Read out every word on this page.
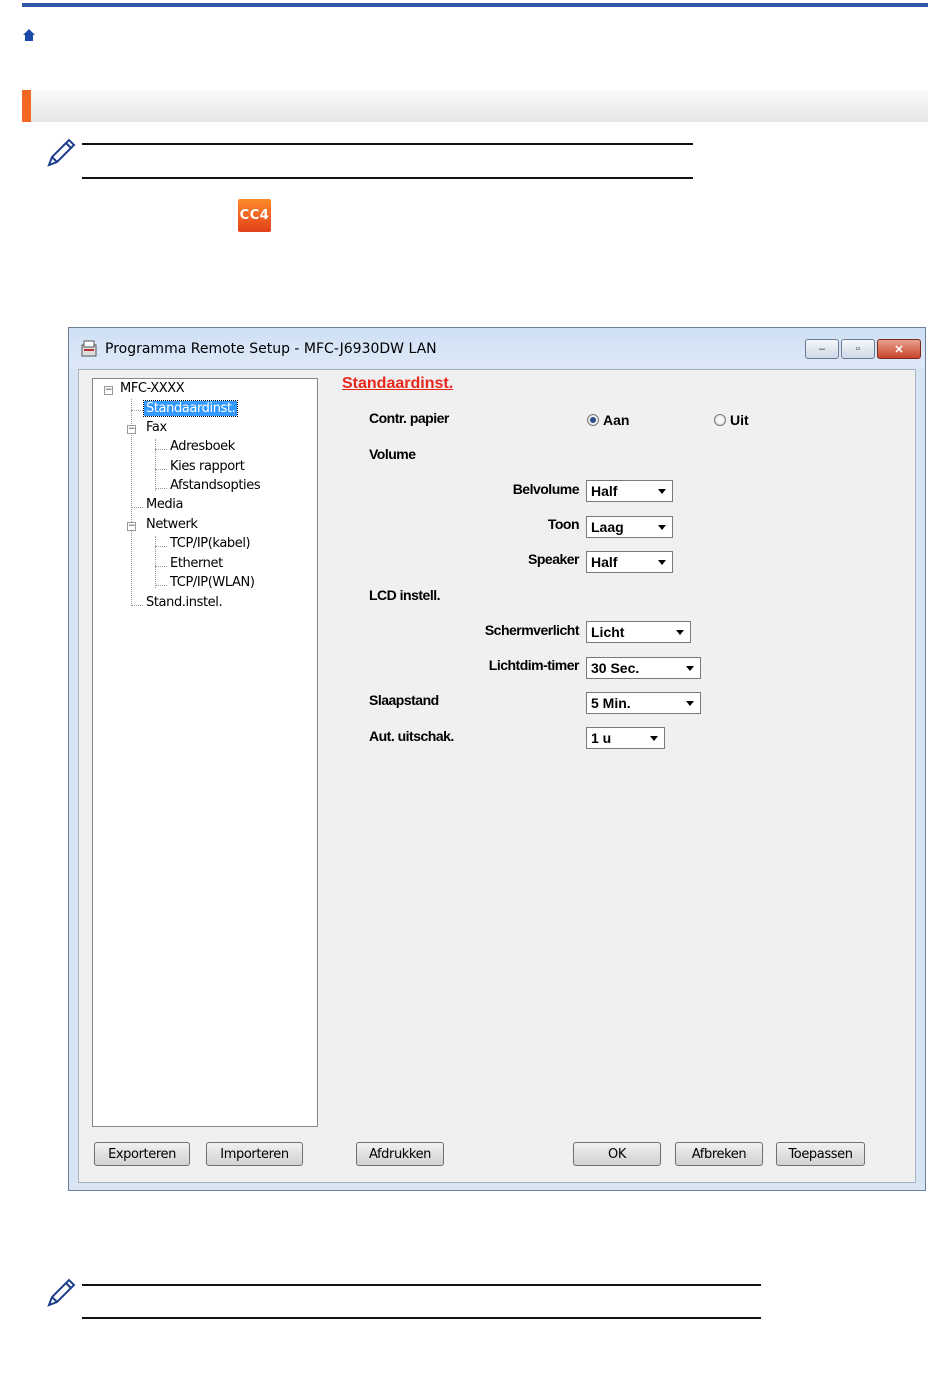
CC4
Programma Remote Setup - MFC-J6930DW LAN	‒	▫	✕
− MFC-XXXX
Standaardinst.
− Fax
Adresboek
Kies rapport
Afstandsopties
Media
− Netwerk
TCP/IP(kabel)
Ethernet
TCP/IP(WLAN)
Stand.instel.
Standaardinst.
Contr. papier	Aan	Uit
Volume
Belvolume Half
Toon Laag
Speaker Half
LCD instell.
Schermverlicht Licht
Lichtdim-timer 30 Sec.
Slaapstand	5 Min.
Aut. uitschak.	1 u
Exporteren	Importeren	Afdrukken	OK	Afbreken	Toepassen
